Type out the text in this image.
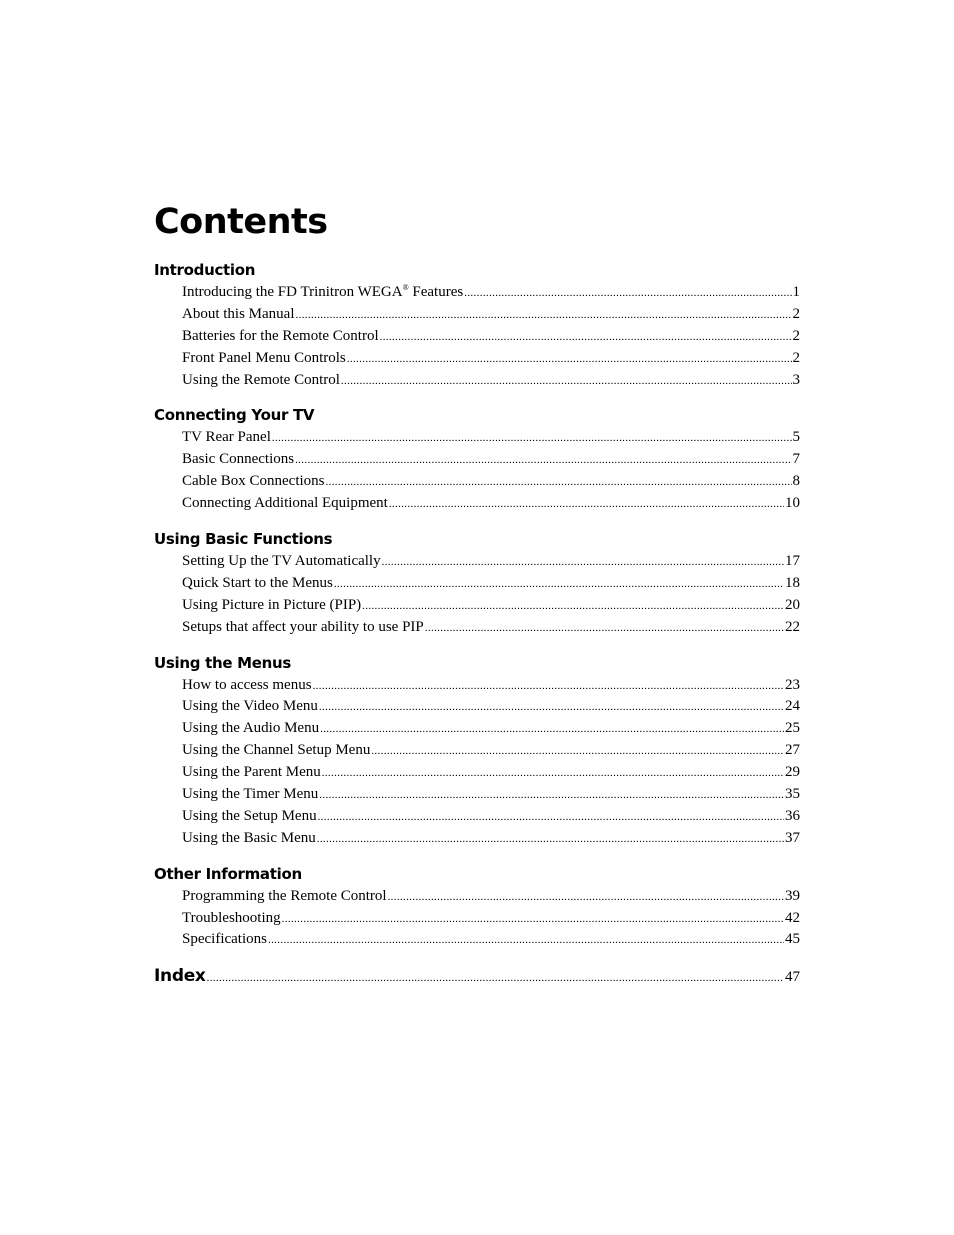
Contents
Introduction
Introducing the FD Trinitron WEGA® Features .....	1
About this Manual .....	2
Batteries for the Remote Control .....	2
Front Panel Menu Controls .....	2
Using the Remote Control .....	3
Connecting Your TV
TV Rear Panel .....	5
Basic Connections .....	7
Cable Box Connections .....	8
Connecting Additional Equipment .....	10
Using Basic Functions
Setting Up the TV Automatically .....	17
Quick Start to the Menus .....	18
Using Picture in Picture (PIP) .....	20
Setups that affect your ability to use PIP .....	22
Using the Menus
How to access menus .....	23
Using the Video Menu .....	24
Using the Audio Menu .....	25
Using the Channel Setup Menu .....	27
Using the Parent Menu .....	29
Using the Timer Menu .....	35
Using the Setup Menu .....	36
Using the Basic Menu .....	37
Other Information
Programming the Remote Control .....	39
Troubleshooting .....	42
Specifications .....	45
Index .....	47
